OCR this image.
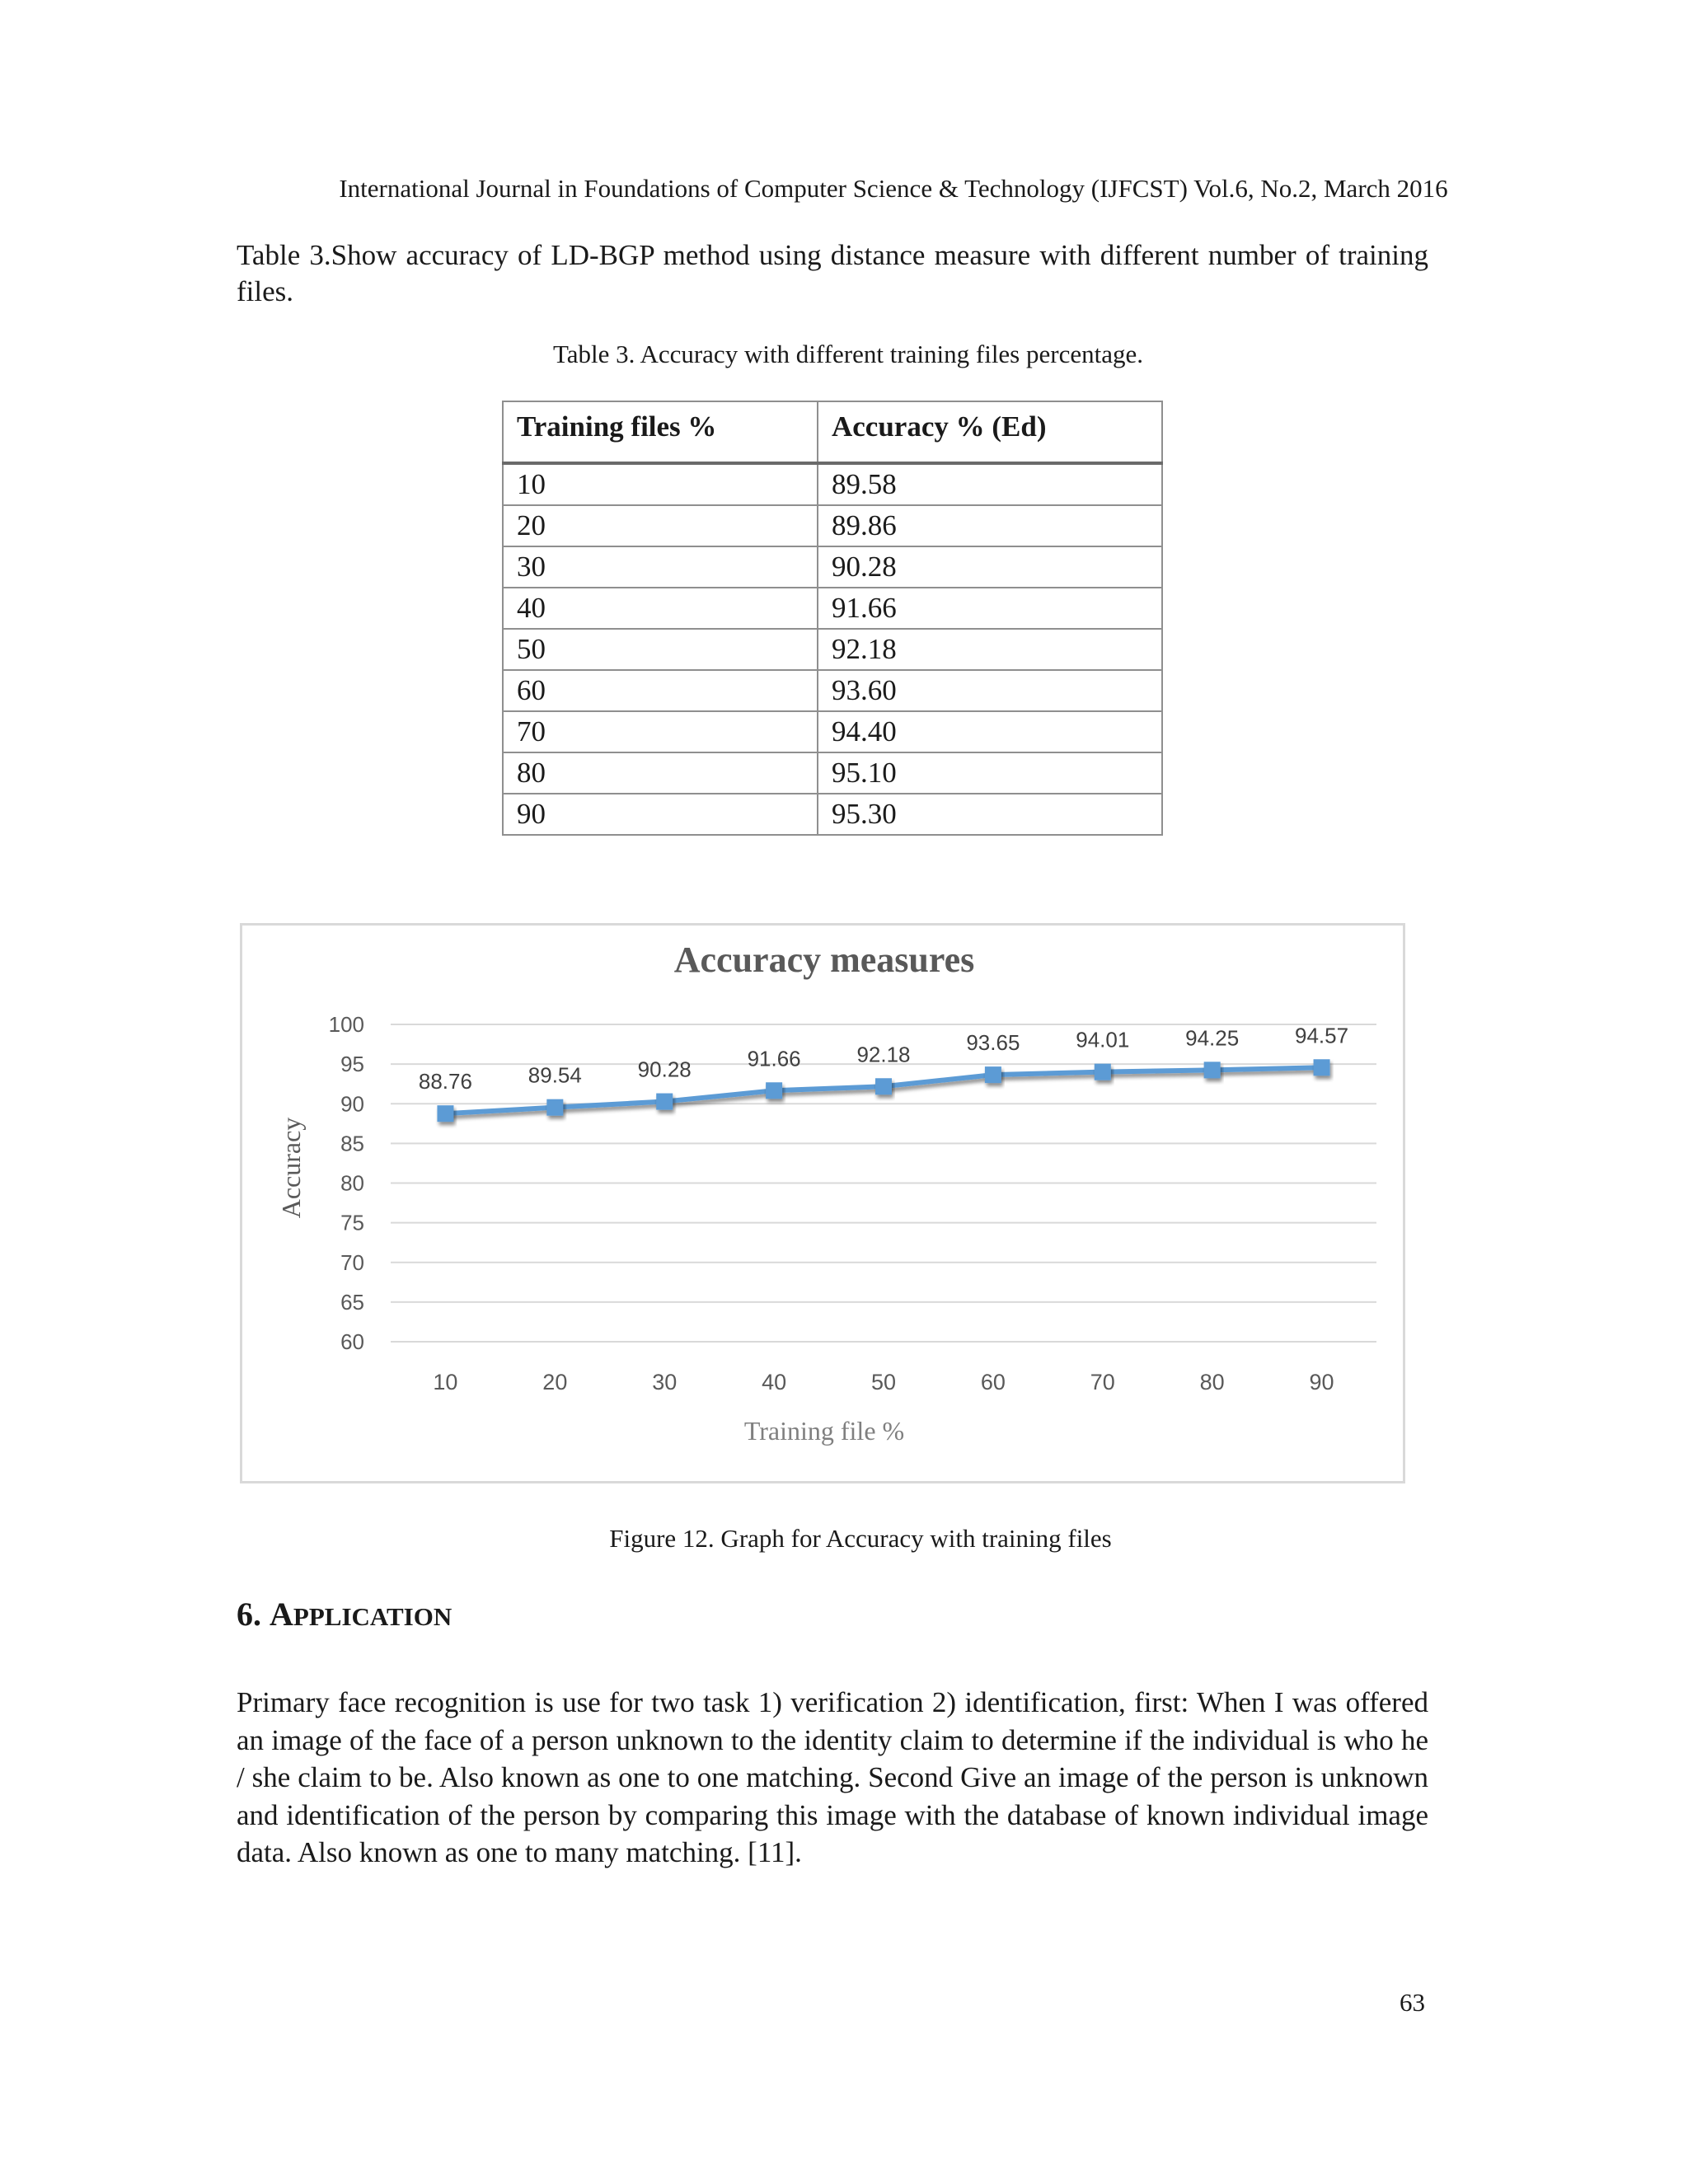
International Journal in Foundations of Computer Science & Technology (IJFCST) Vol.6, No.2, March 2016
Table 3.Show accuracy of LD-BGP method using distance measure with different number of training files.
Table 3. Accuracy with different training files percentage.
Training files %	Accuracy % (Ed)
10	89.58
20	89.86
30	90.28
40	91.66
50	92.18
60	93.60
70	94.40
80	95.10
90	95.30
Accuracy measures
Accuracy
Training file %
60
65
70
75
80
85
90
95
100
10	20	30	40	50	60	70	80	90
88.76	89.54	90.28	91.66	92.18	93.65	94.01	94.25	94.57
Figure 12. Graph for Accuracy with training files
6. APPLICATION
Primary face recognition is use for two task 1) verification 2) identification, first: When I was offered an image of the face of a person unknown to the identity claim to determine if the individual is who he / she claim to be. Also known as one to one matching. Second Give an image of the person is unknown and identification of the person by comparing this image with the database of known individual image data. Also known as one to many matching. [11].
63
